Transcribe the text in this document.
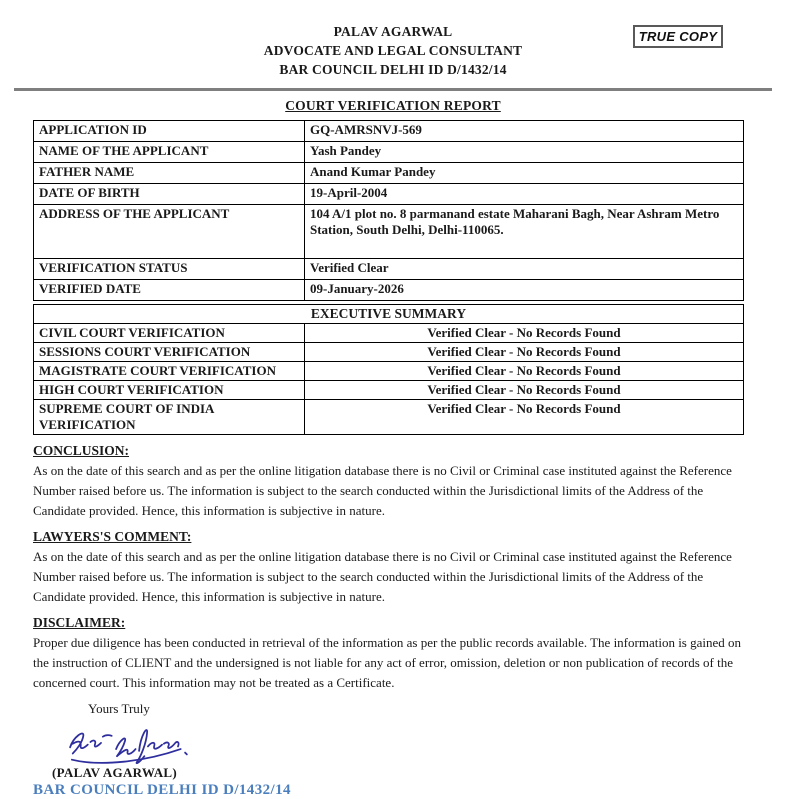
TRUE COPY
PALAV AGARWAL
ADVOCATE AND LEGAL CONSULTANT
BAR COUNCIL DELHI ID D/1432/14
COURT VERIFICATION REPORT
APPLICATION ID	GQ-AMRSNVJ-569
NAME OF THE APPLICANT	Yash Pandey
FATHER NAME	Anand Kumar Pandey
DATE OF BIRTH	19-April-2004
ADDRESS OF THE APPLICANT	104 A/1 plot no. 8 parmanand estate Maharani Bagh, Near Ashram Metro Station, South Delhi, Delhi-110065.
VERIFICATION STATUS	Verified Clear
VERIFIED DATE	09-January-2026
EXECUTIVE SUMMARY	
CIVIL COURT VERIFICATION	Verified Clear - No Records Found
SESSIONS COURT VERIFICATION	Verified Clear - No Records Found
MAGISTRATE COURT VERIFICATION	Verified Clear - No Records Found
HIGH COURT VERIFICATION	Verified Clear - No Records Found
SUPREME COURT OF INDIA VERIFICATION	Verified Clear - No Records Found
CONCLUSION:

As on the date of this search and as per the online litigation database there is no Civil or Criminal case instituted against the Reference Number raised before us. The information is subject to the search conducted within the Jurisdictional limits of the Address of the Candidate provided. Hence, this information is subjective in nature.

LAWYERS'S COMMENT:

As on the date of this search and as per the online litigation database there is no Civil or Criminal case instituted against the Reference Number raised before us. The information is subject to the search conducted within the Jurisdictional limits of the Address of the Candidate provided. Hence, this information is subjective in nature.

DISCLAIMER:

Proper due diligence has been conducted in retrieval of the information as per the public records available. The information is gained on the instruction of CLIENT and the undersigned is not liable for any act of error, omission, deletion or non publication of records of the concerned court. This information may not be treated as a Certificate.

Yours Truly
(PALAV AGARWAL)
BAR COUNCIL DELHI ID D/1432/14
